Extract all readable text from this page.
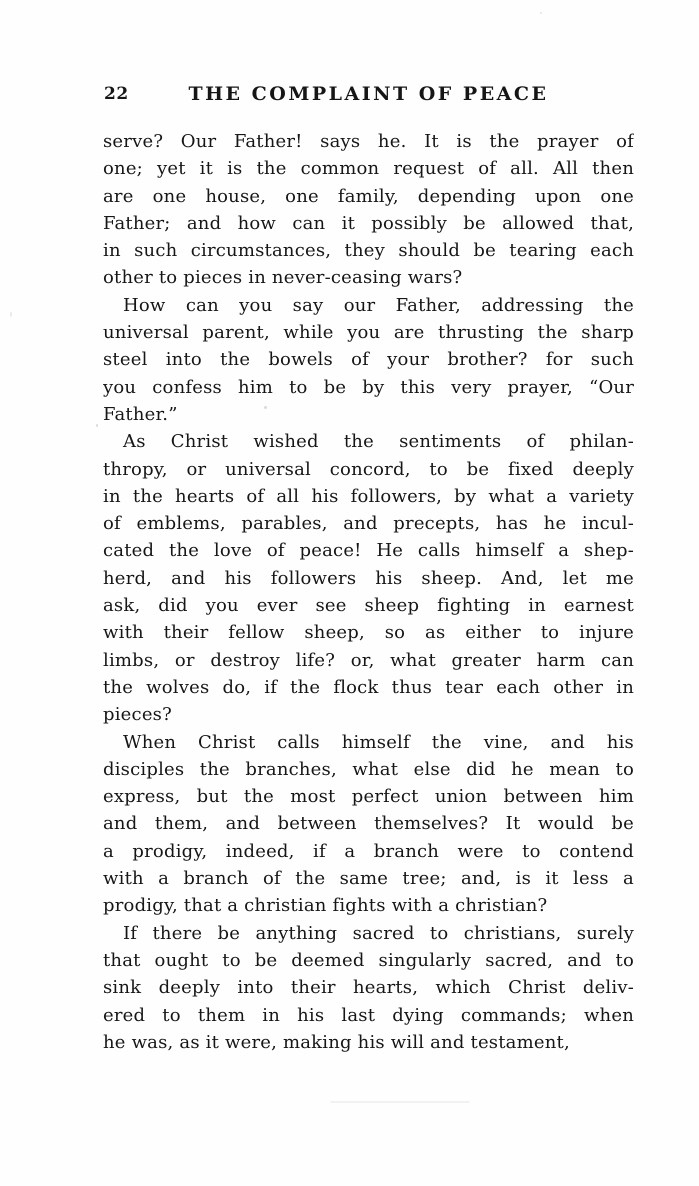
22	THE COMPLAINT OF PEACE
serve? Our Father! says he. It is the prayer of
one; yet it is the common request of all. All then
are one house, one family, depending upon one
Father; and how can it possibly be allowed that,
in such circumstances, they should be tearing each
other to pieces in never-ceasing wars?
How can you say our Father, addressing the
universal parent, while you are thrusting the sharp
steel into the bowels of your brother? for such
you confess him to be by this very prayer, “Our
Father.”
As Christ wished the sentiments of philan-
thropy, or universal concord, to be fixed deeply
in the hearts of all his followers, by what a variety
of emblems, parables, and precepts, has he incul-
cated the love of peace! He calls himself a shep-
herd, and his followers his sheep. And, let me
ask, did you ever see sheep fighting in earnest
with their fellow sheep, so as either to injure
limbs, or destroy life? or, what greater harm can
the wolves do, if the flock thus tear each other in
pieces?
When Christ calls himself the vine, and his
disciples the branches, what else did he mean to
express, but the most perfect union between him
and them, and between themselves? It would be
a prodigy, indeed, if a branch were to contend
with a branch of the same tree; and, is it less a
prodigy, that a christian fights with a christian?
If there be anything sacred to christians, surely
that ought to be deemed singularly sacred, and to
sink deeply into their hearts, which Christ deliv-
ered to them in his last dying commands; when
he was, as it were, making his will and testament,
